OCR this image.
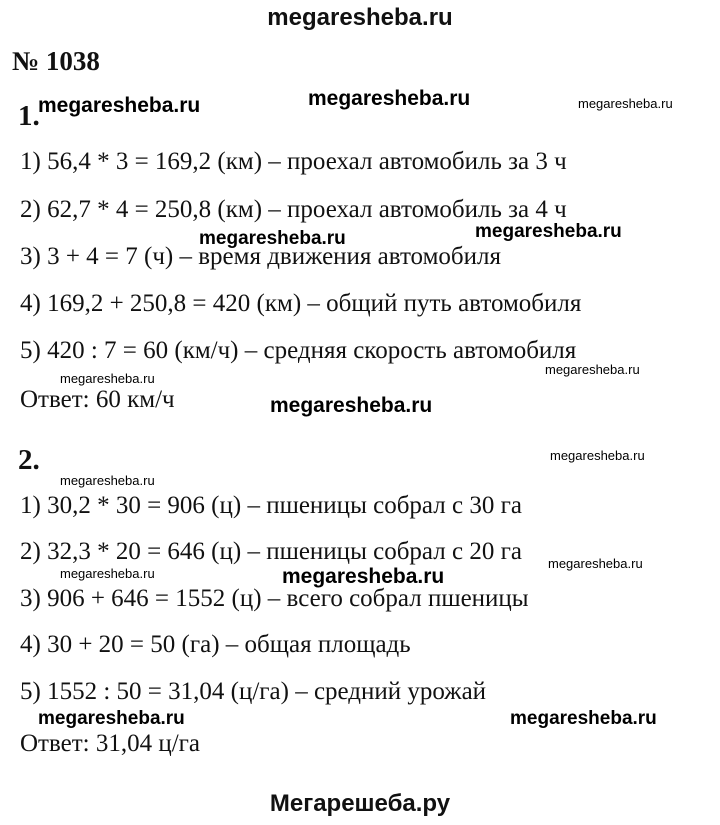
megaresheba.ru
№ 1038
1.
1) 56,4 * 3 = 169,2 (км) – проехал автомобиль за 3 ч
2) 62,7 * 4 = 250,8 (км) – проехал автомобиль за 4 ч
3) 3 + 4 = 7 (ч) – время движения автомобиля
4) 169,2 + 250,8 = 420 (км) – общий путь автомобиля
5) 420 : 7 = 60 (км/ч) – средняя скорость автомобиля
Ответ: 60 км/ч
2.
1) 30,2 * 30 = 906 (ц) – пшеницы собрал с 30 га
2) 32,3 * 20 = 646 (ц) – пшеницы собрал с 20 га
3) 906 + 646 = 1552 (ц) – всего собрал пшеницы
4) 30 + 20 = 50 (га) – общая площадь
5) 1552 : 50 = 31,04 (ц/га) – средний урожай
Ответ: 31,04 ц/га
megaresheba.ru	megaresheba.ru	megaresheba.ru
megaresheba.ru	megaresheba.ru
megaresheba.ru
megaresheba.ru
megaresheba.ru
megaresheba.ru
megaresheba.ru
megaresheba.ru	megaresheba.ru
megaresheba.ru
megaresheba.ru	megaresheba.ru
Мегарешеба.ру
